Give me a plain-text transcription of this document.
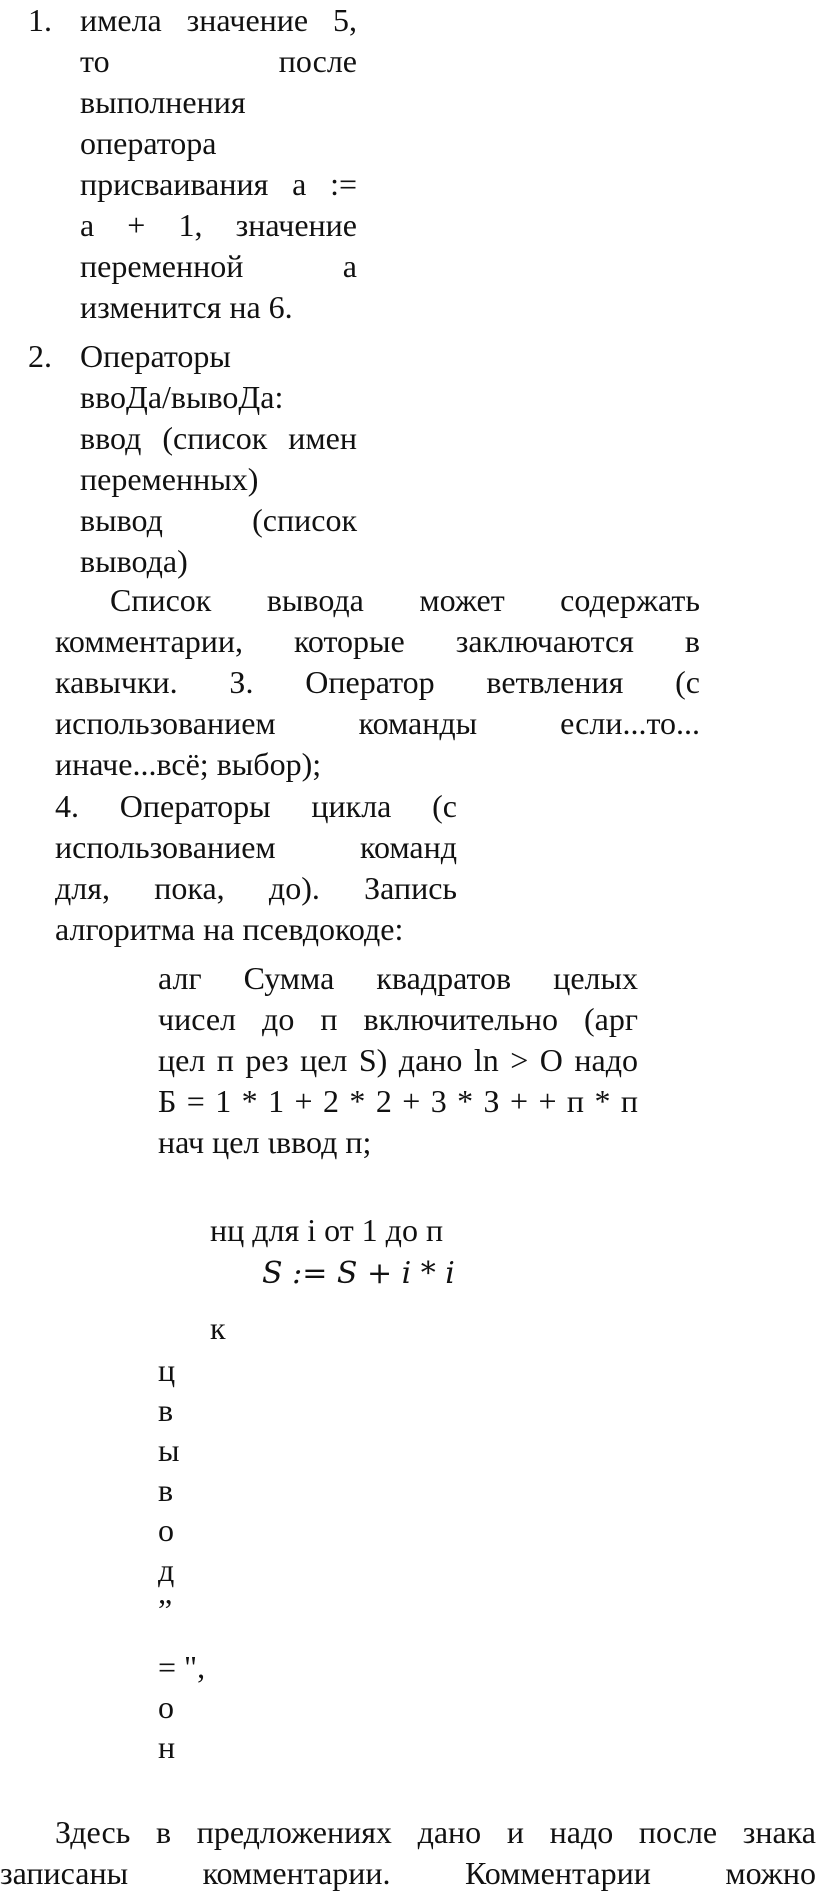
1. имела значение 5,
то после
выполнения
оператора
присваивания а :=
а + 1, значение
переменной а
изменится на 6.
2. Операторы
ввоДа/вывоДа:
ввод (список имен
переменных)
вывод (список
вывода)
Список вывода может содержать
комментарии, которые заключаются в
кавычки. З. Оператор ветвления (с
использованием команды если...то...
иначе...всё; выбор);
4. Операторы цикла (с
использованием команд
для, пока, до). Запись
алгоритма на псевдокоде:
алг Сумма квадратов целых
чисел до п включительно (арг
цел п рез цел S) дано ln > О надо
Б = 1 * 1 + 2 * 2 + 3 * З + + п * п
нач цел ιввод п;
нц для i от 1 до п
S := S + i * i
к
ц
в
ы
в
о
д
”
= ",
о
н
Здесь в предложениях дано и надо после знака
записаны комментарии. Комментарии можно
